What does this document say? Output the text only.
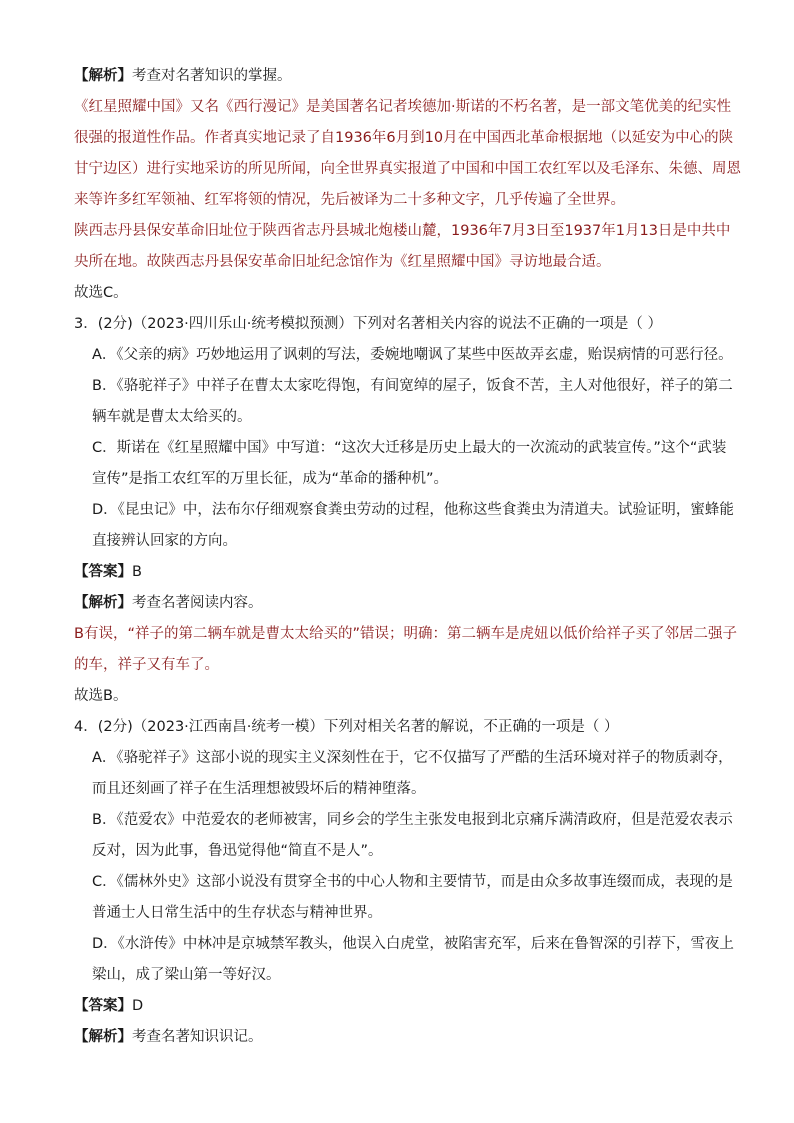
【解析】考查对名著知识的掌握。
《红星照耀中国》又名《西行漫记》是美国著名记者埃德加·斯诺的不朽名著，是一部文笔优美的纪实性
很强的报道性作品。作者真实地记录了自1936年6月到10月在中国西北革命根据地（以延安为中心的陕
甘宁边区）进行实地采访的所见所闻，向全世界真实报道了中国和中国工农红军以及毛泽东、朱德、周恩
来等许多红军领袖、红军将领的情况，先后被译为二十多种文字，几乎传遍了全世界。
陕西志丹县保安革命旧址位于陕西省志丹县城北炮楼山麓，1936年7月3日至1937年1月13日是中共中
央所在地。故陕西志丹县保安革命旧址纪念馆作为《红星照耀中国》寻访地最合适。
故选C。
3．(2分)（2023·四川乐山·统考模拟预测）下列对名著相关内容的说法不正确的一项是（ ）
A．《父亲的病》巧妙地运用了讽刺的写法，委婉地嘲讽了某些中医故弄玄虚，贻误病情的可恶行径。
B．《骆驼祥子》中祥子在曹太太家吃得饱，有间宽绰的屋子，饭食不苦，主人对他很好，祥子的第二
辆车就是曹太太给买的。
C．斯诺在《红星照耀中国》中写道：“这次大迁移是历史上最大的一次流动的武装宣传。”这个“武装
宣传”是指工农红军的万里长征，成为“革命的播种机”。
D．《昆虫记》中，法布尔仔细观察食粪虫劳动的过程，他称这些食粪虫为清道夫。试验证明，蜜蜂能
直接辨认回家的方向。
【答案】B
【解析】考查名著阅读内容。
B有误，“祥子的第二辆车就是曹太太给买的”错误；明确：第二辆车是虎妞以低价给祥子买了邻居二强子
的车，祥子又有车了。
故选B。
4．(2分)（2023·江西南昌·统考一模）下列对相关名著的解说，不正确的一项是（ ）
A．《骆驼祥子》这部小说的现实主义深刻性在于，它不仅描写了严酷的生活环境对祥子的物质剥夺，
而且还刻画了祥子在生活理想被毁坏后的精神堕落。
B．《范爱农》中范爱农的老师被害，同乡会的学生主张发电报到北京痛斥满清政府，但是范爱农表示
反对，因为此事，鲁迅觉得他“简直不是人”。
C．《儒林外史》这部小说没有贯穿全书的中心人物和主要情节，而是由众多故事连缀而成，表现的是
普通士人日常生活中的生存状态与精神世界。
D．《水浒传》中林冲是京城禁军教头，他误入白虎堂，被陷害充军，后来在鲁智深的引荐下，雪夜上
梁山，成了梁山第一等好汉。
【答案】D
【解析】考查名著知识识记。
